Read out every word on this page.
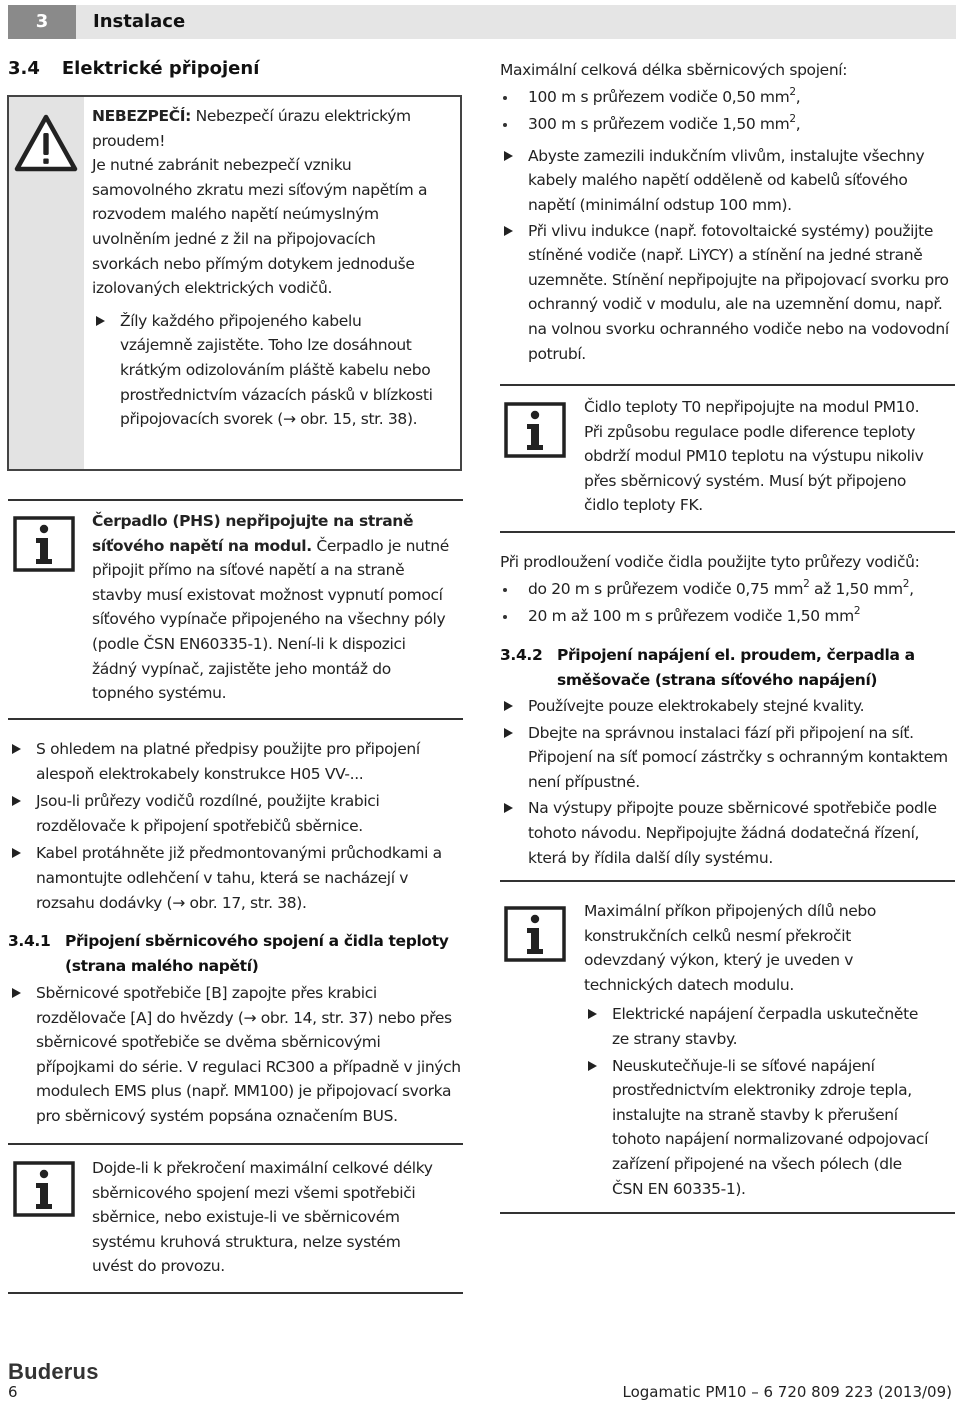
3	Instalace
3.4 Elektrické připojení
NEBEZPEČÍ: Nebezpečí úrazu elektrickým proudem!
Je nutné zabránit nebezpečí vzniku samovolného zkratu mezi síťovým napětím a rozvodem malého napětí neúmyslným uvolněním jedné z žil na připojovacích svorkách nebo přímým dotykem jednoduše izolovaných elektrických vodičů.
Žíly každého připojeného kabelu vzájemně zajistěte. Toho lze dosáhnout krátkým odizolováním pláště kabelu nebo prostřednictvím vázacích pásků v blízkosti připojovacích svorek (→ obr. 15, str. 38).
Čerpadlo (PHS) nepřipojujte na straně síťového napětí na modul. Čerpadlo je nutné připojit přímo na síťové napětí a na straně stavby musí existovat možnost vypnutí pomocí síťového vypínače připojeného na všechny póly (podle ČSN EN60335-1). Není-li k dispozici žádný vypínač, zajistěte jeho montáž do topného systému.
S ohledem na platné předpisy použijte pro připojení alespoň elektrokabely konstrukce H05 VV-...
Jsou-li průřezy vodičů rozdílné, použijte krabici rozdělovače k připojení spotřebičů sběrnice.
Kabel protáhněte již předmontovanými průchodkami a namontujte odlehčení v tahu, která se nacházejí v rozsahu dodávky (→ obr. 17, str. 38).
3.4.1 Připojení sběrnicového spojení a čidla teploty (strana malého napětí)
Sběrnicové spotřebiče [B] zapojte přes krabici rozdělovače [A] do hvězdy (→ obr. 14, str. 37) nebo přes sběrnicové spotřebiče se dvěma sběrnicovými přípojkami do série. V regulaci RC300 a případně v jiných modulech EMS plus (např. MM100) je připojovací svorka pro sběrnicový systém popsána označením BUS.
Dojde-li k překročení maximální celkové délky sběrnicového spojení mezi všemi spotřebiči sběrnice, nebo existuje-li ve sběrnicovém systému kruhová struktura, nelze systém uvést do provozu.
Maximální celková délka sběrnicových spojení:
100 m s průřezem vodiče 0,50 $mm^2$,
300 m s průřezem vodiče 1,50 $mm^2$,
Abyste zamezili indukčním vlivům, instalujte všechny kabely malého napětí odděleně od kabelů síťového napětí (minimální odstup 100 mm).
Při vlivu indukce (např. fotovoltaické systémy) použijte stíněné vodiče (např. LiYCY) a stínění na jedné straně uzemněte. Stínění nepřipojujte na připojovací svorku pro ochranný vodič v modulu, ale na uzemnění domu, např. na volnou svorku ochranného vodiče nebo na vodovodní potrubí.
Čidlo teploty T0 nepřipojujte na modul PM10. Při způsobu regulace podle diference teploty obdrží modul PM10 teplotu na výstupu nikoliv přes sběrnicový systém. Musí být připojeno čidlo teploty FK.
Při prodloužení vodiče čidla použijte tyto průřezy vodičů:
do 20 m s průřezem vodiče 0,75 $mm^2$ až 1,50 $mm^2$,
20 m až 100 m s průřezem vodiče 1,50 $mm^2$
3.4.2 Připojení napájení el. proudem, čerpadla a směšovače (strana síťového napájení)
Používejte pouze elektrokabely stejné kvality.
Dbejte na správnou instalaci fází při připojení na síť. Připojení na síť pomocí zástrčky s ochranným kontaktem není přípustné.
Na výstupy připojte pouze sběrnicové spotřebiče podle tohoto návodu. Nepřipojujte žádná dodatečná řízení, která by řídila další díly systému.
Maximální příkon připojených dílů nebo konstrukčních celků nesmí překročit odevzdaný výkon, který je uveden v technických datech modulu.
Elektrické napájení čerpadla uskutečněte ze strany stavby.
Neuskutečňuje-li se síťové napájení prostřednictvím elektroniky zdroje tepla, instalujte na straně stavby k přerušení tohoto napájení normalizované odpojovací zařízení připojené na všech pólech (dle ČSN EN 60335-1).
Buderus
6	Logamatic PM10 – 6 720 809 223 (2013/09)
